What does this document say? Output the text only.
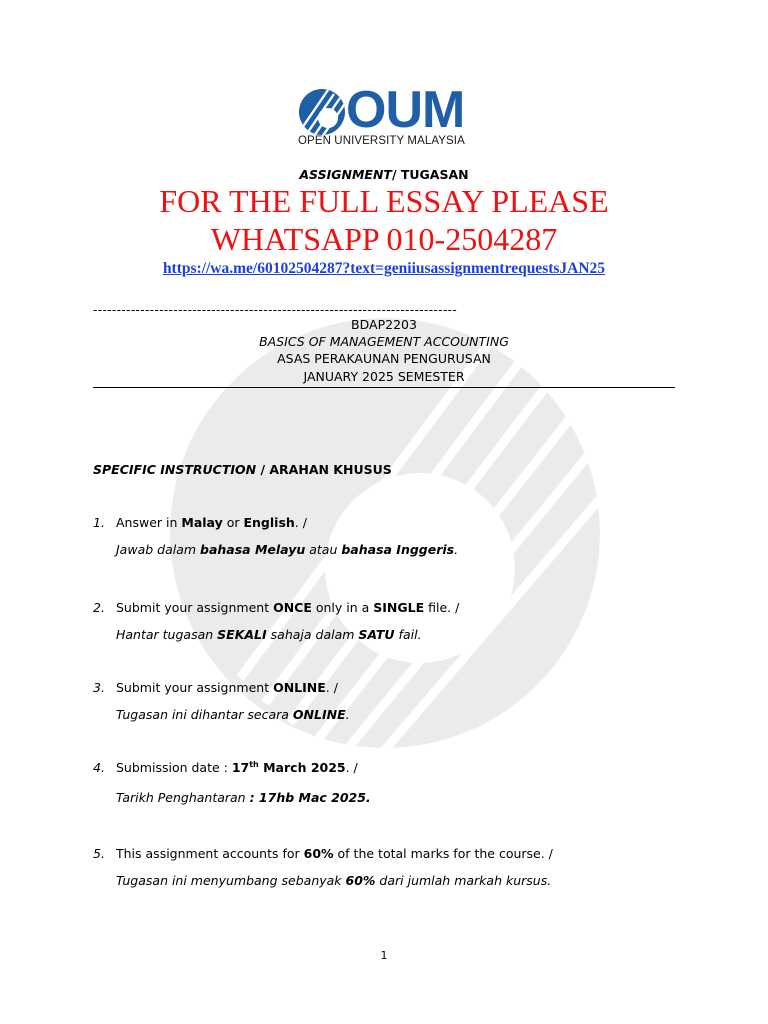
OUM
OPEN UNIVERSITY MALAYSIA
ASSIGNMENT/ TUGASAN
FOR THE FULL ESSAY PLEASE
WHATSAPP 010-2504287
https://wa.me/60102504287?text=geniiusassignmentrequestsJAN25
-----------------------------------------------------------------------------
BDAP2203
BASICS OF MANAGEMENT ACCOUNTING
ASAS PERAKAUNAN PENGURUSAN
JANUARY 2025 SEMESTER
SPECIFIC INSTRUCTION / ARAHAN KHUSUS
1. Answer in Malay or English. /
Jawab dalam bahasa Melayu atau bahasa Inggeris.
2. Submit your assignment ONCE only in a SINGLE file. /
Hantar tugasan SEKALI sahaja dalam SATU fail.
3. Submit your assignment ONLINE. /
Tugasan ini dihantar secara ONLINE.
4. Submission date : 17th March 2025. /
Tarikh Penghantaran : 17hb Mac 2025.
5. This assignment accounts for 60% of the total marks for the course. /
Tugasan ini menyumbang sebanyak 60% dari jumlah markah kursus.
1
